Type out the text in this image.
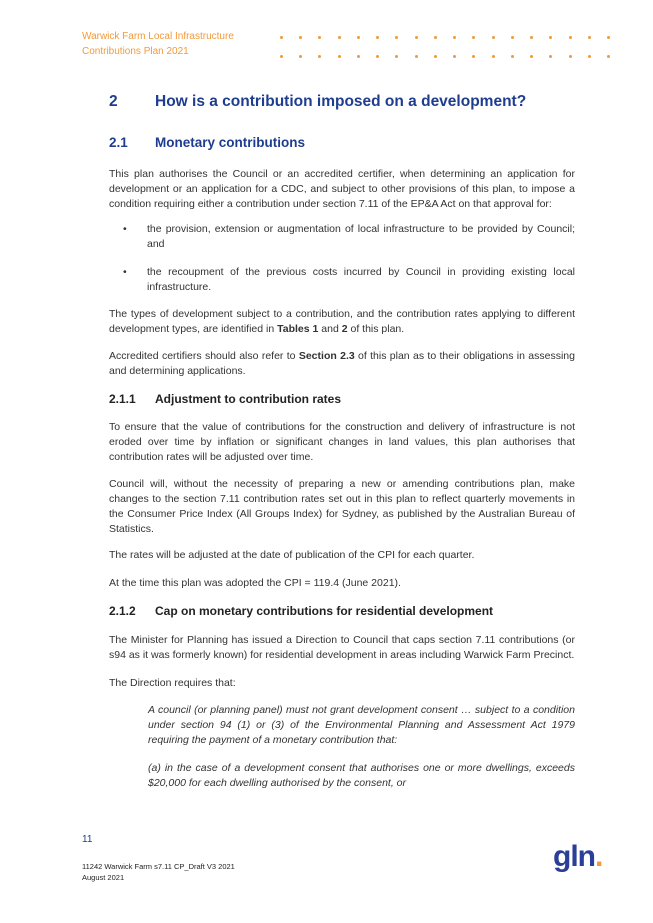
Warwick Farm Local Infrastructure
Contributions Plan 2021
2 How is a contribution imposed on a development?
2.1 Monetary contributions
This plan authorises the Council or an accredited certifier, when determining an application for development or an application for a CDC, and subject to other provisions of this plan, to impose a condition requiring either a contribution under section 7.11 of the EP&A Act on that approval for:
• the provision, extension or augmentation of local infrastructure to be provided by Council; and
• the recoupment of the previous costs incurred by Council in providing existing local infrastructure.
The types of development subject to a contribution, and the contribution rates applying to different development types, are identified in Tables 1 and 2 of this plan.
Accredited certifiers should also refer to Section 2.3 of this plan as to their obligations in assessing and determining applications.
2.1.1 Adjustment to contribution rates
To ensure that the value of contributions for the construction and delivery of infrastructure is not eroded over time by inflation or significant changes in land values, this plan authorises that contribution rates will be adjusted over time.
Council will, without the necessity of preparing a new or amending contributions plan, make changes to the section 7.11 contribution rates set out in this plan to reflect quarterly movements in the Consumer Price Index (All Groups Index) for Sydney, as published by the Australian Bureau of Statistics.
The rates will be adjusted at the date of publication of the CPI for each quarter.
At the time this plan was adopted the CPI = 119.4 (June 2021).
2.1.2 Cap on monetary contributions for residential development
The Minister for Planning has issued a Direction to Council that caps section 7.11 contributions (or s94 as it was formerly known) for residential development in areas including Warwick Farm Precinct.
The Direction requires that:
A council (or planning panel) must not grant development consent … subject to a condition under section 94 (1) or (3) of the Environmental Planning and Assessment Act 1979 requiring the payment of a monetary contribution that:
(a) in the case of a development consent that authorises one or more dwellings, exceeds $20,000 for each dwelling authorised by the consent, or
11
11242 Warwick Farm s7.11 CP_Draft V3 2021
August 2021
gln.
